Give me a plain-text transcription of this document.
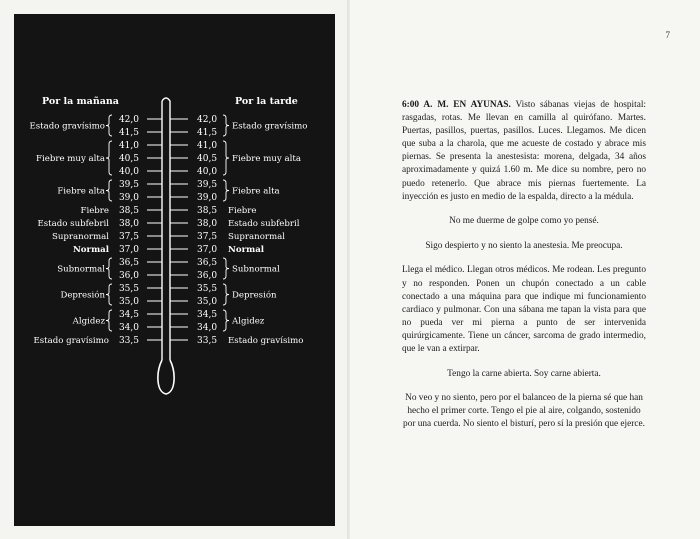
Por la mañana	Por la tarde
42,0
41,5
41,0
40,5
40,0
39,5
39,0
38,5
38,0
37,5
37,0
36,5
36,0
35,5
35,0
34,5
34,0
33,5
42,0
41,5
41,0
40,5
40,0
39,5
39,0
38,5
38,0
37,5
37,0
36,5
36,0
35,5
35,0
34,5
34,0
33,5
Estado gravísimo
Fiebre muy alta
Fiebre alta
Fiebre
Estado subfebril
Supranormal
Normal
Subnormal
Depresión
Algidez
Estado gravísimo
Estado gravísimo
Fiebre muy alta
Fiebre alta
Fiebre
Estado subfebril
Supranormal
Normal
Subnormal
Depresión
Algidez
Estado gravísimo
7

6:00 A. M. EN AYUNAS. Visto sábanas viejas de hospital: rasgadas, rotas. Me llevan en camilla al quirófano. Martes. Puertas, pasillos, puertas, pasillos. Luces. Llegamos. Me dicen que suba a la charola, que me acueste de costado y abrace mis piernas. Se presenta la anestesista: morena, delgada, 34 años aproximadamente y quizá 1.60 m. Me dice su nombre, pero no puedo retenerlo. Que abrace mis piernas fuertemente. La inyección es justo en medio de la espalda, directo a la médula.

No me duerme de golpe como yo pensé.

Sigo despierto y no siento la anestesia. Me preocupa.

Llega el médico. Llegan otros médicos. Me rodean. Les pregunto y no responden. Ponen un chupón conectado a un cable conectado a una máquina para que indique mi funcionamiento cardiaco y pulmonar. Con una sábana me tapan la vista para que no pueda ver mi pierna a punto de ser intervenida quirúrgicamente. Tiene un cáncer, sarcoma de grado intermedio, que le van a extirpar.

Tengo la carne abierta. Soy carne abierta.

No veo y no siento, pero por el balanceo de la pierna sé que han hecho el primer corte. Tengo el pie al aire, colgando, sostenido por una cuerda. No siento el bisturí, pero sí la presión que ejerce.
